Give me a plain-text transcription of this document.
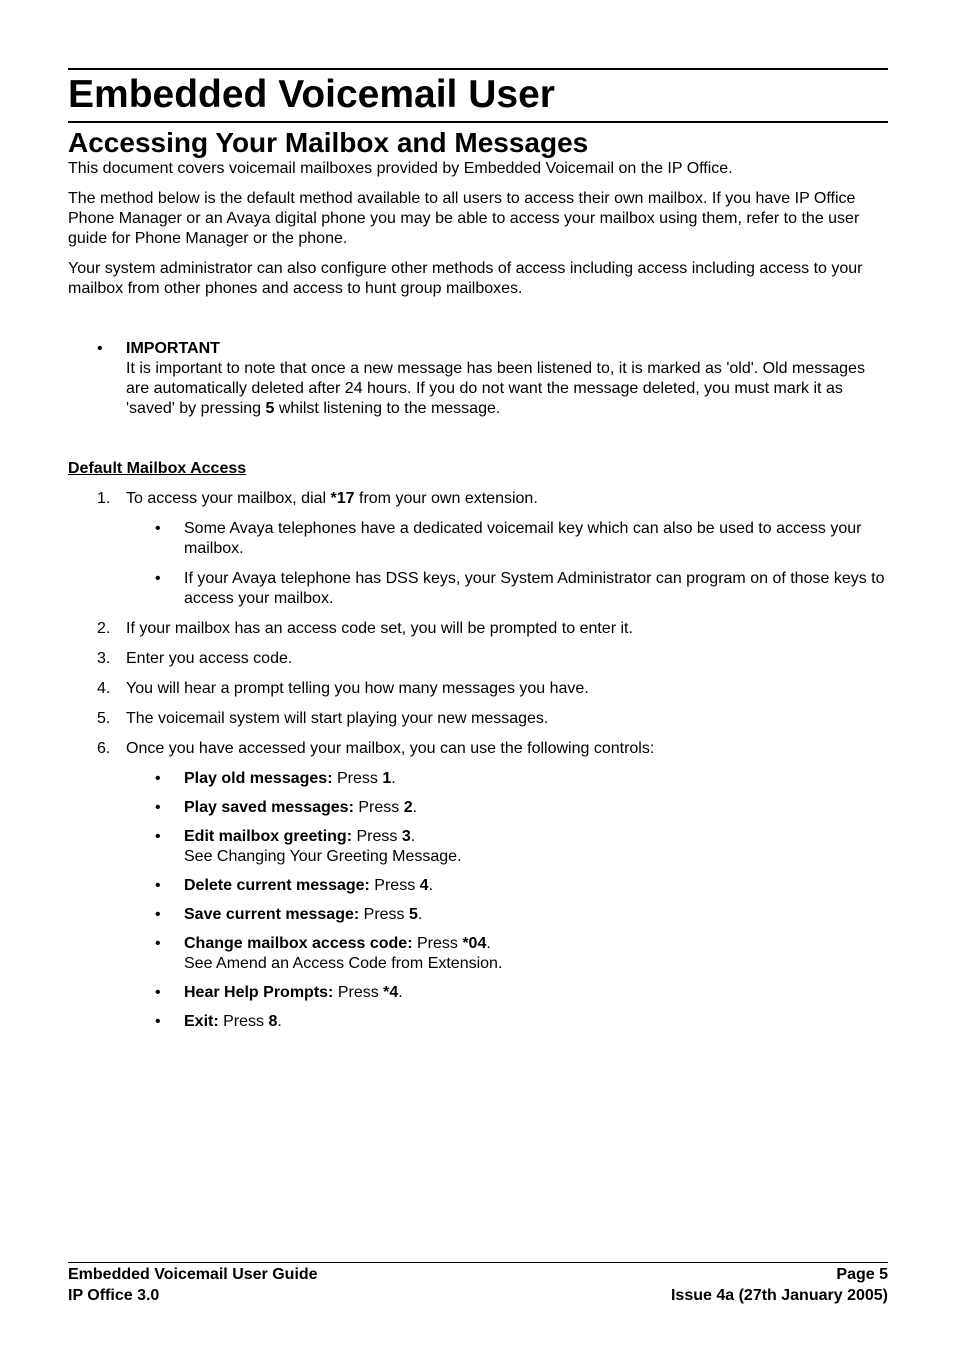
Embedded Voicemail User
Accessing Your Mailbox and Messages

This document covers voicemail mailboxes provided by Embedded Voicemail on the IP Office.

The method below is the default method available to all users to access their own mailbox. If you have IP Office Phone Manager or an Avaya digital phone you may be able to access your mailbox using them, refer to the user guide for Phone Manager or the phone.

Your system administrator can also configure other methods of access including access including access to your mailbox from other phones and access to hunt group mailboxes.

• IMPORTANT
It is important to note that once a new message has been listened to, it is marked as 'old'. Old messages are automatically deleted after 24 hours. If you do not want the message deleted, you must mark it as 'saved' by pressing 5 whilst listening to the message.
Default Mailbox Access
1. To access your mailbox, dial *17 from your own extension.
• Some Avaya telephones have a dedicated voicemail key which can also be used to access your mailbox.
• If your Avaya telephone has DSS keys, your System Administrator can program on of those keys to access your mailbox.
2. If your mailbox has an access code set, you will be prompted to enter it.
3. Enter you access code.
4. You will hear a prompt telling you how many messages you have.
5. The voicemail system will start playing your new messages.
6. Once you have accessed your mailbox, you can use the following controls:
• Play old messages: Press 1.
• Play saved messages: Press 2.
• Edit mailbox greeting: Press 3.
See Changing Your Greeting Message.
• Delete current message: Press 4.
• Save current message: Press 5.
• Change mailbox access code: Press *04.
See Amend an Access Code from Extension.
• Hear Help Prompts: Press *4.
• Exit: Press 8.
Embedded Voicemail User Guide	Page 5
IP Office 3.0	Issue 4a (27th January 2005)
